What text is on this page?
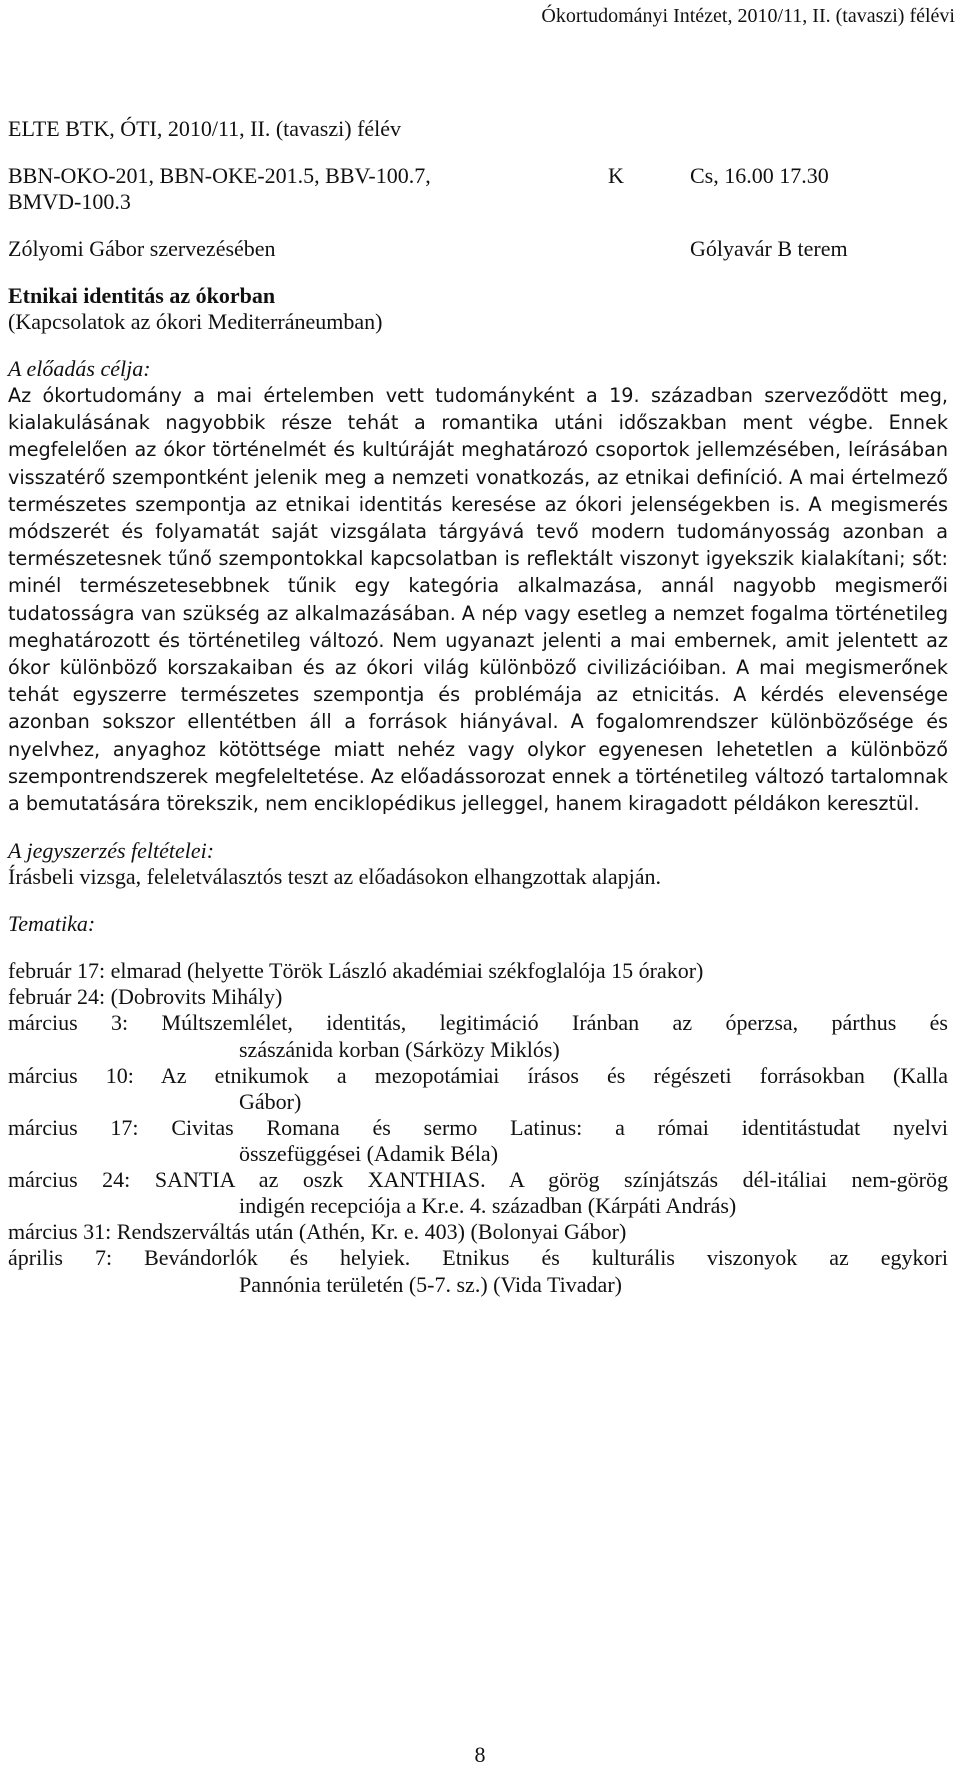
Ókortudományi Intézet, 2010/11, II. (tavaszi) félévi
ELTE BTK, ÓTI, 2010/11, II. (tavaszi) félév
BBN-OKO-201, BBN-OKE-201.5, BBV-100.7,	K	Cs, 16.00 17.30
BMVD-100.3
Zólyomi Gábor szervezésében	Gólyavár B terem
Etnikai identitás az ókorban
(Kapcsolatok az ókori Mediterráneumban)
A előadás célja:
Az ókortudomány a mai értelemben vett tudományként a 19. században szerveződött meg, kialakulásának nagyobbik része tehát a romantika utáni időszakban ment végbe. Ennek megfelelően az ókor történelmét és kultúráját meghatározó csoportok jellemzésében, leírásában visszatérő szempontként jelenik meg a nemzeti vonatkozás, az etnikai definíció. A mai értelmező természetes szempontja az etnikai identitás keresése az ókori jelenségekben is. A megismerés módszerét és folyamatát saját vizsgálata tárgyává tevő modern tudományosság azonban a természetesnek tűnő szempontokkal kapcsolatban is reflektált viszonyt igyekszik kialakítani; sőt: minél természetesebbnek tűnik egy kategória alkalmazása, annál nagyobb megismerői tudatosságra van szükség az alkalmazásában. A nép vagy esetleg a nemzet fogalma történetileg meghatározott és történetileg változó. Nem ugyanazt jelenti a mai embernek, amit jelentett az ókor különböző korszakaiban és az ókori világ különböző civilizációiban. A mai megismerőnek tehát egyszerre természetes szempontja és problémája az etnicitás. A kérdés elevensége azonban sokszor ellentétben áll a források hiányával. A fogalomrendszer különbözősége és nyelvhez, anyaghoz kötöttsége miatt nehéz vagy olykor egyenesen lehetetlen a különböző szempontrendszerek megfeleltetése. Az előadássorozat ennek a történetileg változó tartalomnak a bemutatására törekszik, nem enciklopédikus jelleggel, hanem kiragadott példákon keresztül.
A jegyszerzés feltételei:
Írásbeli vizsga, feleletválasztós teszt az előadásokon elhangzottak alapján.
Tematika:
február 17: elmarad (helyette Török László akadémiai székfoglalója 15 órakor)
február 24: (Dobrovits Mihály)
március 3: Múltszemlélet, identitás, legitimáció Iránban az óperzsa, párthus és
szászánida korban (Sárközy Miklós)
március 10: Az etnikumok a mezopotámiai írásos és régészeti forrásokban (Kalla
Gábor)
március 17: Civitas Romana és sermo Latinus: a római identitástudat nyelvi
összefüggései (Adamik Béla)
március 24: SANTIA az oszk XANTHIAS. A görög színjátszás dél-itáliai nem-görög
indigén recepciója a Kr.e. 4. században (Kárpáti András)
március 31: Rendszerváltás után (Athén, Kr. e. 403) (Bolonyai Gábor)
április 7: Bevándorlók és helyiek. Etnikus és kulturális viszonyok az egykori
Pannónia területén (5-7. sz.) (Vida Tivadar)
8
